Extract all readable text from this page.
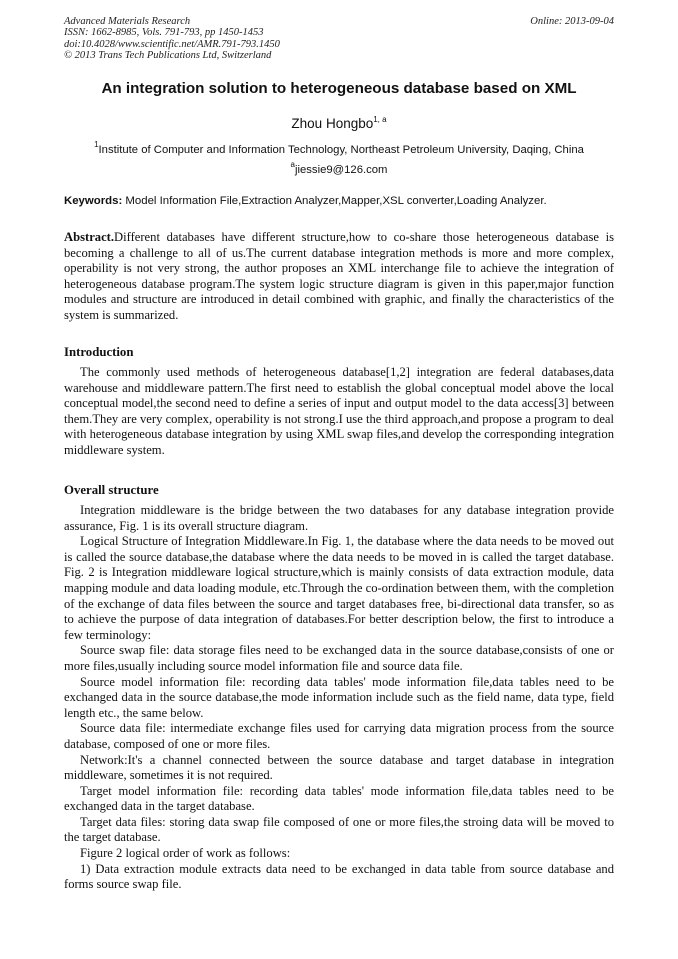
Advanced Materials Research
ISSN: 1662-8985, Vols. 791-793, pp 1450-1453
doi:10.4028/www.scientific.net/AMR.791-793.1450
© 2013 Trans Tech Publications Ltd, Switzerland
Online: 2013-09-04
An integration solution to heterogeneous database based on XML
Zhou Hongbo$^{1, a}$
$^1$Institute of Computer and Information Technology, Northeast Petroleum University, Daqing, China
$^a$jiessie9@126.com
Keywords: Model Information File,Extraction Analyzer,Mapper,XSL converter,Loading Analyzer.

Abstract.Different databases have different structure,how to co-share those heterogeneous database is becoming a challenge to all of us.The current database integration methods is more and more complex, operability is not very strong, the author proposes an XML interchange file to achieve the integration of heterogeneous database program.The system logic structure diagram is given in this paper,major function modules and structure are introduced in detail combined with graphic, and finally the characteristics of the system is summarized.

Introduction

The commonly used methods of heterogeneous database[1,2] integration are federal databases,data warehouse and middleware pattern.The first need to establish the global conceptual model above the local conceptual model,the second need to define a series of input and output model to the data access[3] between them.They are very complex, operability is not strong.I use the third approach,and propose a program to deal with heterogeneous database integration by using XML swap files,and develop the corresponding integration middleware system.

Overall structure

Integration middleware is the bridge between the two databases for any database integration provide assurance, Fig. 1 is its overall structure diagram.

Logical Structure of Integration Middleware.In Fig. 1, the database where the data needs to be moved out is called the source database,the database where the data needs to be moved in is called the target database. Fig. 2 is Integration middleware logical structure,which is mainly consists of data extraction module, data mapping module and data loading module, etc.Through the co-ordination between them, with the completion of the exchange of data files between the source and target databases free, bi-directional data transfer, so as to achieve the purpose of data integration of databases.For better description below, the first to introduce a few terminology:

Source swap file: data storage files need to be exchanged data in the source database,consists of one or more files,usually including source model information file and source data file.

Source model information file: recording data tables' mode information file,data tables need to be exchanged data in the source database,the mode information include such as the field name, data type, field length etc., the same below.

Source data file: intermediate exchange files used for carrying data migration process from the source database, composed of one or more files.

Network:It's a channel connected between the source database and target database in integration middleware, sometimes it is not required.

Target model information file: recording data tables' mode information file,data tables need to be exchanged data in the target database.

Target data files: storing data swap file composed of one or more files,the stroing data will be moved to the target database.

Figure 2 logical order of work as follows:

1) Data extraction module extracts data need to be exchanged in data table from source database and forms source swap file.
